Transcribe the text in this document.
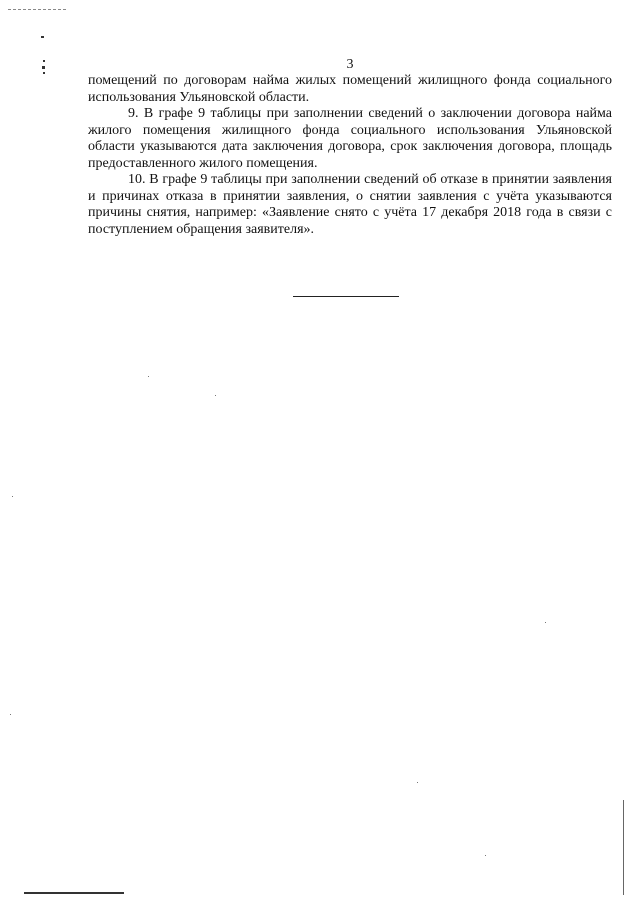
3

помещений по договорам найма жилых помещений жилищного фонда социального использования Ульяновской области.

9. В графе 9 таблицы при заполнении сведений о заключении договора найма жилого помещения жилищного фонда социального использования Ульяновской области указываются дата заключения договора, срок заключения договора, площадь предоставленного жилого помещения.

10. В графе 9 таблицы при заполнении сведений об отказе в принятии заявления и причинах отказа в принятии заявления, о снятии заявления с учёта указываются причины снятия, например: «Заявление снято с учёта 17 декабря 2018 года в связи с поступлением обращения заявителя».
